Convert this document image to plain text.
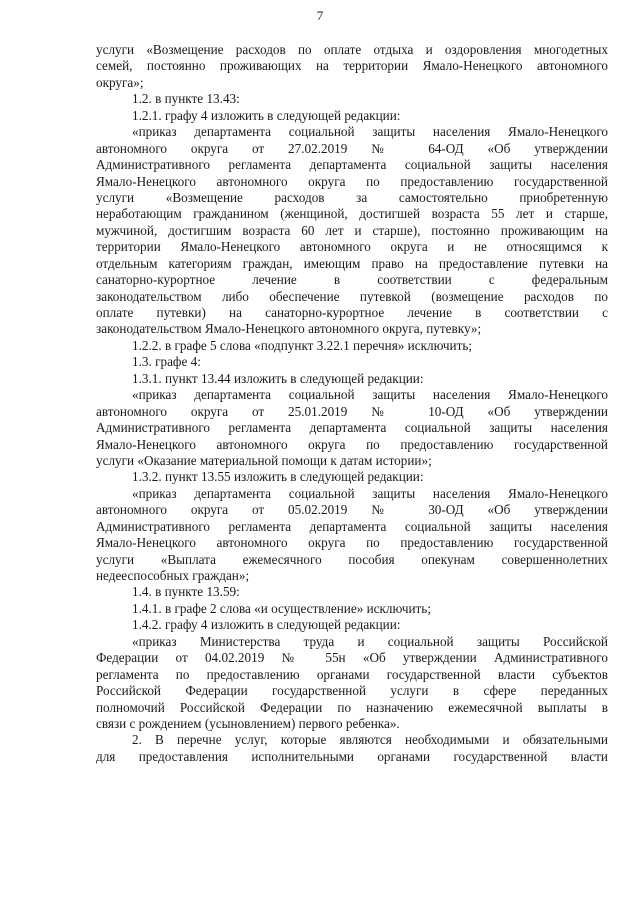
7
услуги «Возмещение расходов по оплате отдыха и оздоровления многодетных
семей, постоянно проживающих на территории Ямало-Ненецкого автономного
округа»;
1.2. в пункте 13.43:
1.2.1. графу 4 изложить в следующей редакции:
«приказ департамента социальной защиты населения Ямало-Ненецкого
автономного округа от 27.02.2019 № 64-ОД «Об утверждении
Административного регламента департамента социальной защиты населения
Ямало-Ненецкого автономного округа по предоставлению государственной
услуги «Возмещение расходов за самостоятельно приобретенную
неработающим гражданином (женщиной, достигшей возраста 55 лет и старше,
мужчиной, достигшим возраста 60 лет и старше), постоянно проживающим на
территории Ямало-Ненецкого автономного округа и не относящимся к
отдельным категориям граждан, имеющим право на предоставление путевки на
санаторно-курортное лечение в соответствии с федеральным
законодательством либо обеспечение путевкой (возмещение расходов по
оплате путевки) на санаторно-курортное лечение в соответствии с
законодательством Ямало-Ненецкого автономного округа, путевку»;
1.2.2. в графе 5 слова «подпункт 3.22.1 перечня» исключить;
1.3. графе 4:
1.3.1. пункт 13.44 изложить в следующей редакции:
«приказ департамента социальной защиты населения Ямало-Ненецкого
автономного округа от 25.01.2019 № 10-ОД «Об утверждении
Административного регламента департамента социальной защиты населения
Ямало-Ненецкого автономного округа по предоставлению государственной
услуги «Оказание материальной помощи к датам истории»;
1.3.2. пункт 13.55 изложить в следующей редакции:
«приказ департамента социальной защиты населения Ямало-Ненецкого
автономного округа от 05.02.2019 № 30-ОД «Об утверждении
Административного регламента департамента социальной защиты населения
Ямало-Ненецкого автономного округа по предоставлению государственной
услуги «Выплата ежемесячного пособия опекунам совершеннолетних
недееспособных граждан»;
1.4. в пункте 13.59:
1.4.1. в графе 2 слова «и осуществление» исключить;
1.4.2. графу 4 изложить в следующей редакции:
«приказ Министерства труда и социальной защиты Российской
Федерации от 04.02.2019 № 55н «Об утверждении Административного
регламента по предоставлению органами государственной власти субъектов
Российской Федерации государственной услуги в сфере переданных
полномочий Российской Федерации по назначению ежемесячной выплаты в
связи с рождением (усыновлением) первого ребенка».
2. В перечне услуг, которые являются необходимыми и обязательными
для предоставления исполнительными органами государственной власти
